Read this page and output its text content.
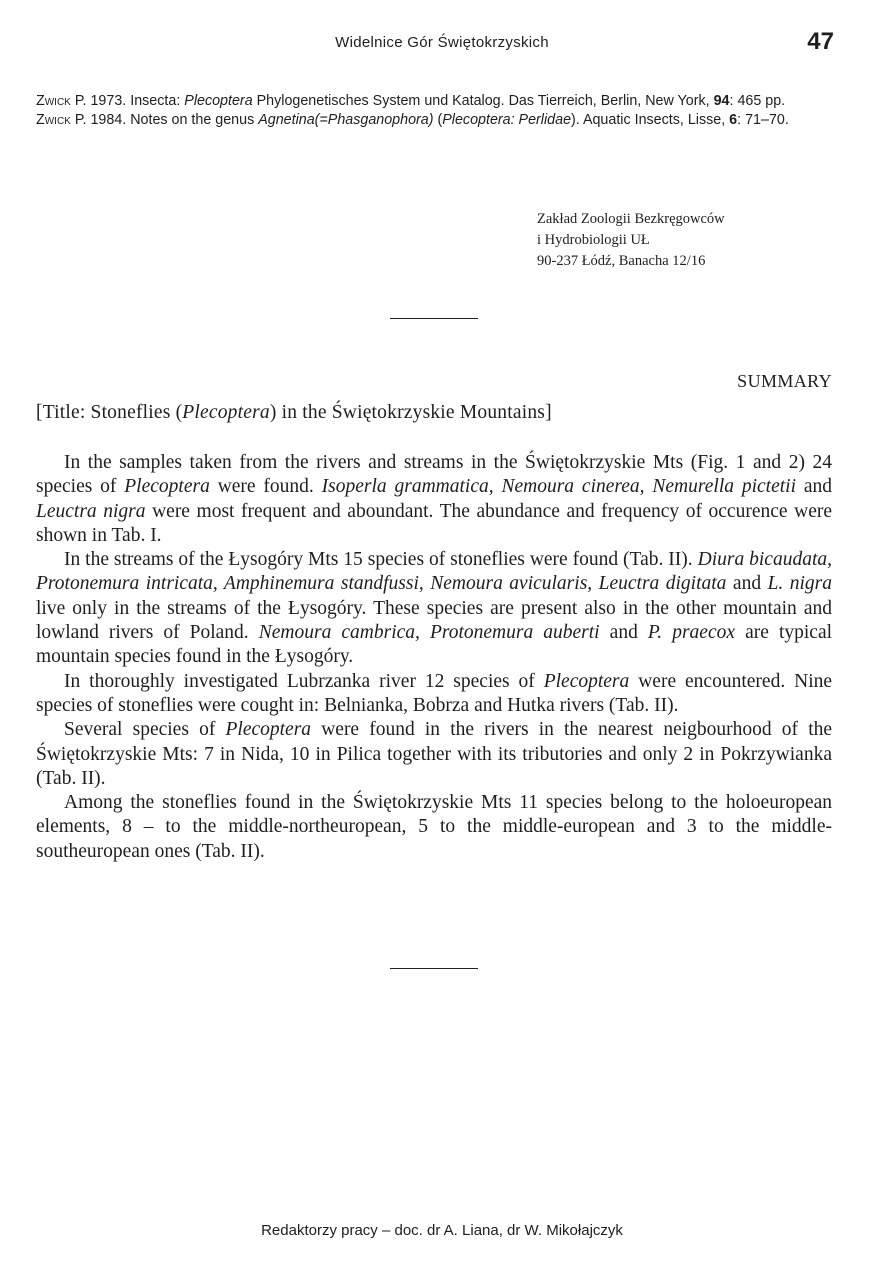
Widelnice Gór Świętokrzyskich	47
Zwick P. 1973. Insecta: Plecoptera Phylogenetisches System und Katalog. Das Tierreich, Berlin, New York, 94: 465 pp.
Zwick P. 1984. Notes on the genus Agnetina(=Phasganophora) (Plecoptera: Perlidae). Aquatic Insects, Lisse, 6: 71–70.
Zakład Zoologii Bezkręgowców
i Hydrobiologii UŁ
90-237 Łódź, Banacha 12/16
SUMMARY
[Title: Stoneflies (Plecoptera) in the Świętokrzyskie Mountains]

In the samples taken from the rivers and streams in the Świętokrzyskie Mts (Fig. 1 and 2) 24 species of Plecoptera were found. Isoperla grammatica, Nemoura cinerea, Nemurella pictetii and Leuctra nigra were most frequent and aboundant. The abundance and frequency of occurence were shown in Tab. I.

In the streams of the Łysogóry Mts 15 species of stoneflies were found (Tab. II). Diura bicaudata, Protonemura intricata, Amphinemura standfussi, Nemoura avicularis, Leuctra digitata and L. nigra live only in the streams of the Łysogóry. These species are present also in the other mountain and lowland rivers of Poland. Nemoura cambrica, Protonemura auberti and P. praecox are typical mountain species found in the Łysogóry.

In thoroughly investigated Lubrzanka river 12 species of Plecoptera were encountered. Nine species of stoneflies were cought in: Belnianka, Bobrza and Hutka rivers (Tab. II).

Several species of Plecoptera were found in the rivers in the nearest neigbourhood of the Świętokrzyskie Mts: 7 in Nida, 10 in Pilica together with its tributories and only 2 in Pokrzywianka (Tab. II).

Among the stoneflies found in the Świętokrzyskie Mts 11 species belong to the holoeuropean elements, 8 – to the middle-northeuropean, 5 to the middle-european and 3 to the middle-southeuropean ones (Tab. II).

Redaktorzy pracy – doc. dr A. Liana, dr W. Mikołajczyk
